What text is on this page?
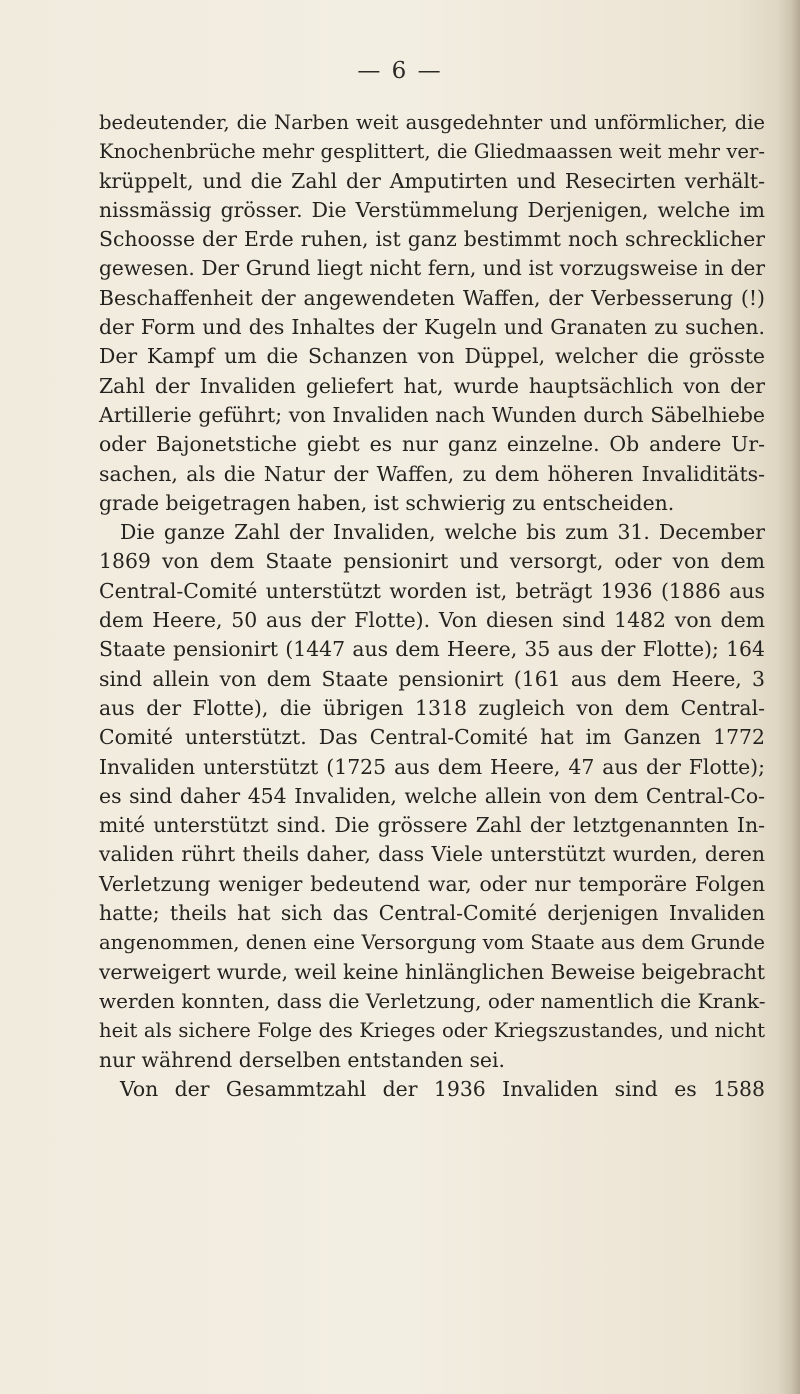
— 6 —
bedeutender, die Narben weit ausgedehnter und unförmlicher, die
Knochenbrüche mehr gesplittert, die Gliedmaassen weit mehr ver-
krüppelt, und die Zahl der Amputirten und Resecirten verhält-
nissmässig grösser. Die Verstümmelung Derjenigen, welche im
Schoosse der Erde ruhen, ist ganz bestimmt noch schrecklicher
gewesen. Der Grund liegt nicht fern, und ist vorzugsweise in der
Beschaffenheit der angewendeten Waffen, der Verbesserung (!)
der Form und des Inhaltes der Kugeln und Granaten zu suchen.
Der Kampf um die Schanzen von Düppel, welcher die grösste
Zahl der Invaliden geliefert hat, wurde hauptsächlich von der
Artillerie geführt; von Invaliden nach Wunden durch Säbelhiebe
oder Bajonetstiche giebt es nur ganz einzelne. Ob andere Ur-
sachen, als die Natur der Waffen, zu dem höheren Invaliditäts-
grade beigetragen haben, ist schwierig zu entscheiden.
Die ganze Zahl der Invaliden, welche bis zum 31. December
1869 von dem Staate pensionirt und versorgt, oder von dem
Central-Comité unterstützt worden ist, beträgt 1936 (1886 aus
dem Heere, 50 aus der Flotte). Von diesen sind 1482 von dem
Staate pensionirt (1447 aus dem Heere, 35 aus der Flotte); 164
sind allein von dem Staate pensionirt (161 aus dem Heere, 3
aus der Flotte), die übrigen 1318 zugleich von dem Central-
Comité unterstützt. Das Central-Comité hat im Ganzen 1772
Invaliden unterstützt (1725 aus dem Heere, 47 aus der Flotte);
es sind daher 454 Invaliden, welche allein von dem Central-Co-
mité unterstützt sind. Die grössere Zahl der letztgenannten In-
validen rührt theils daher, dass Viele unterstützt wurden, deren
Verletzung weniger bedeutend war, oder nur temporäre Folgen
hatte; theils hat sich das Central-Comité derjenigen Invaliden
angenommen, denen eine Versorgung vom Staate aus dem Grunde
verweigert wurde, weil keine hinlänglichen Beweise beigebracht
werden konnten, dass die Verletzung, oder namentlich die Krank-
heit als sichere Folge des Krieges oder Kriegszustandes, und nicht
nur während derselben entstanden sei.
Von der Gesammtzahl der 1936 Invaliden sind es 1588
